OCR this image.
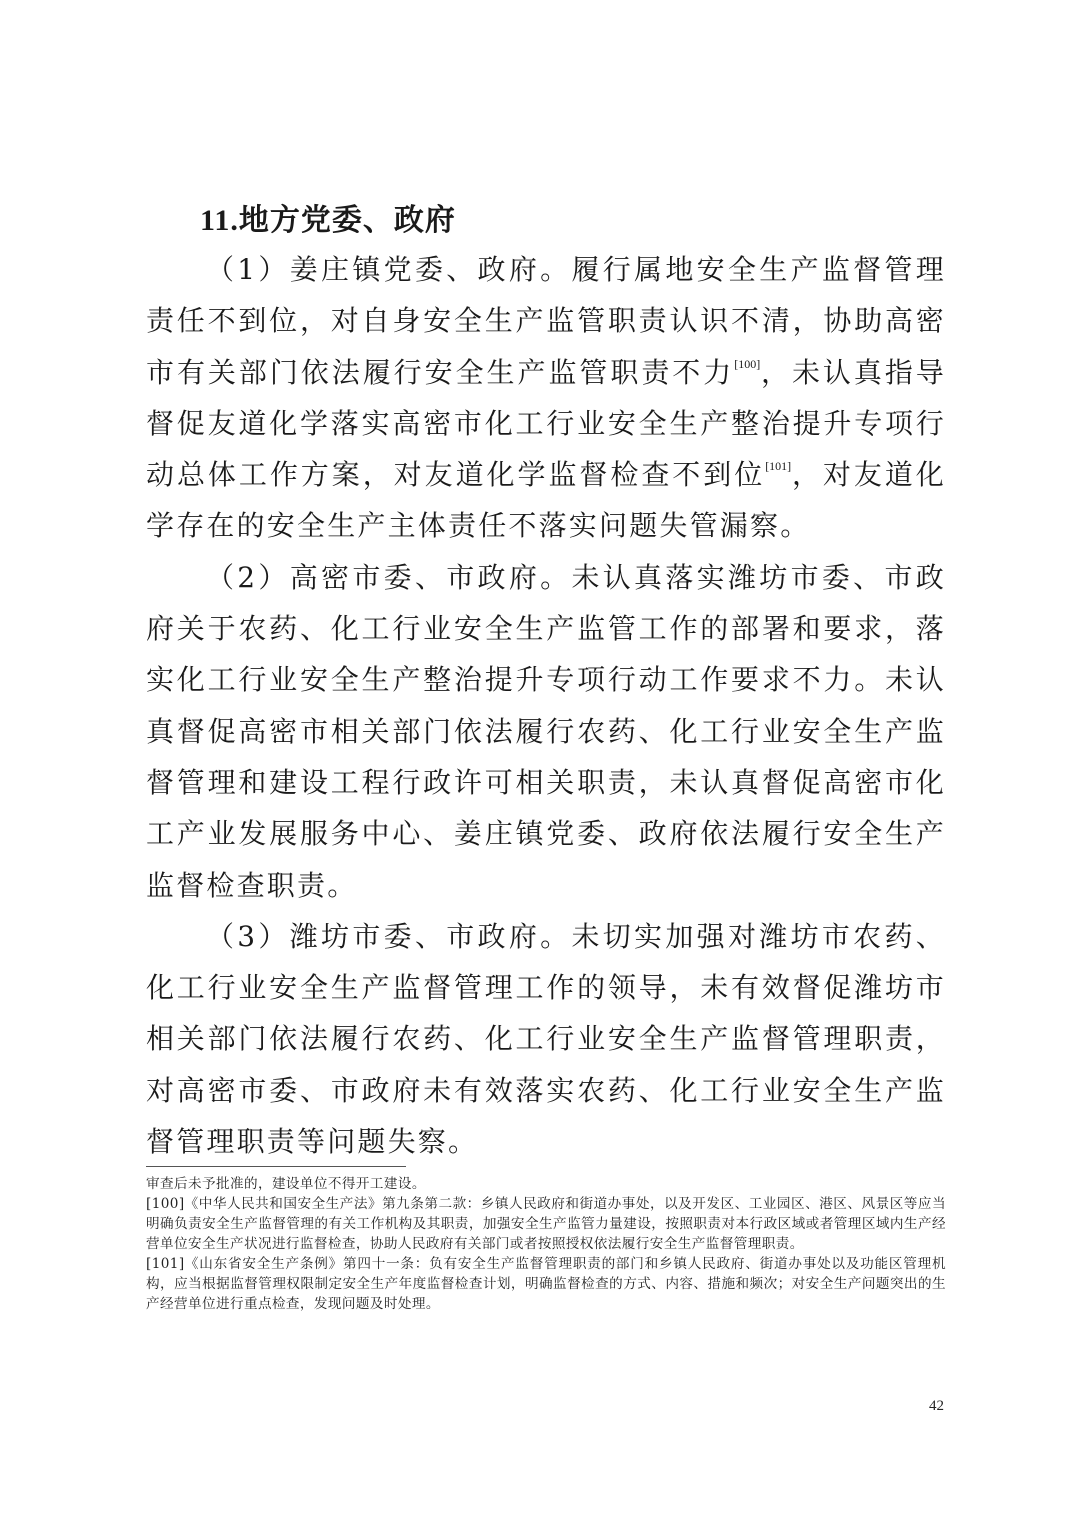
11.地方党委、政府

（1）姜庄镇党委、政府。履行属地安全生产监督管理责任不到位，对自身安全生产监管职责认识不清，协助高密市有关部门依法履行安全生产监管职责不力[100]，未认真指导督促友道化学落实高密市化工行业安全生产整治提升专项行动总体工作方案，对友道化学监督检查不到位[101]，对友道化学存在的安全生产主体责任不落实问题失管漏察。

（2）高密市委、市政府。未认真落实潍坊市委、市政府关于农药、化工行业安全生产监管工作的部署和要求，落实化工行业安全生产整治提升专项行动工作要求不力。未认真督促高密市相关部门依法履行农药、化工行业安全生产监督管理和建设工程行政许可相关职责，未认真督促高密市化工产业发展服务中心、姜庄镇党委、政府依法履行安全生产监督检查职责。

（3）潍坊市委、市政府。未切实加强对潍坊市农药、化工行业安全生产监督管理工作的领导，未有效督促潍坊市相关部门依法履行农药、化工行业安全生产监督管理职责，对高密市委、市政府未有效落实农药、化工行业安全生产监督管理职责等问题失察。

审查后未予批准的，建设单位不得开工建设。

[100]《中华人民共和国安全生产法》第九条第二款：乡镇人民政府和街道办事处，以及开发区、工业园区、港区、风景区等应当明确负责安全生产监督管理的有关工作机构及其职责，加强安全生产监管力量建设，按照职责对本行政区域或者管理区域内生产经营单位安全生产状况进行监督检查，协助人民政府有关部门或者按照授权依法履行安全生产监督管理职责。

[101]《山东省安全生产条例》第四十一条：负有安全生产监督管理职责的部门和乡镇人民政府、街道办事处以及功能区管理机构，应当根据监督管理权限制定安全生产年度监督检查计划，明确监督检查的方式、内容、措施和频次；对安全生产问题突出的生产经营单位进行重点检查，发现问题及时处理。

42
